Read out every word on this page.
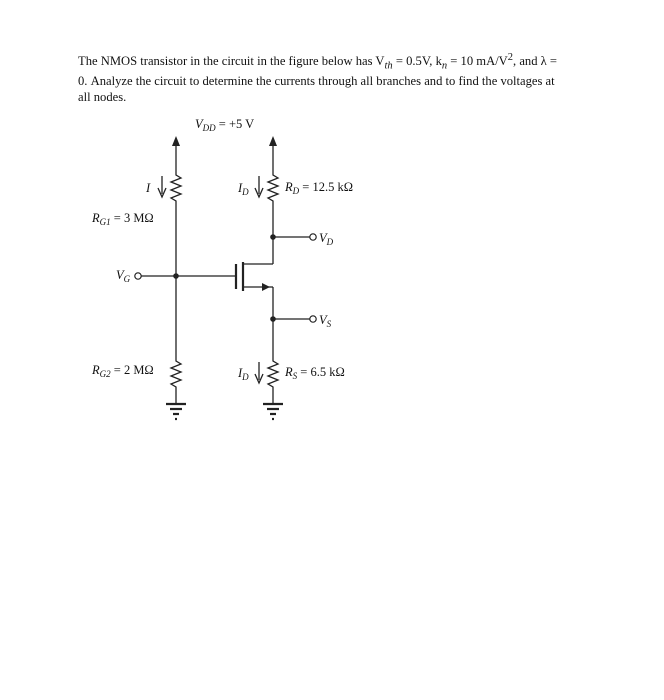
The NMOS transistor in the circuit in the figure below has $V_{th} = 0.5V$, $k_n = 10$ $mA/V^2$, and λ =
0. Analyze the circuit to determine the currents through all branches and to find the voltages at
all nodes.

$V_{DD} = +5$ V
I
$R_{G1} = 3$ MΩ
$V_G$
$I_D$	$R_D = 12.5$ kΩ
$V_D$
$V_S$
$R_{G2} = 2$ MΩ	$I_D$	$R_S = 6.5$ kΩ
